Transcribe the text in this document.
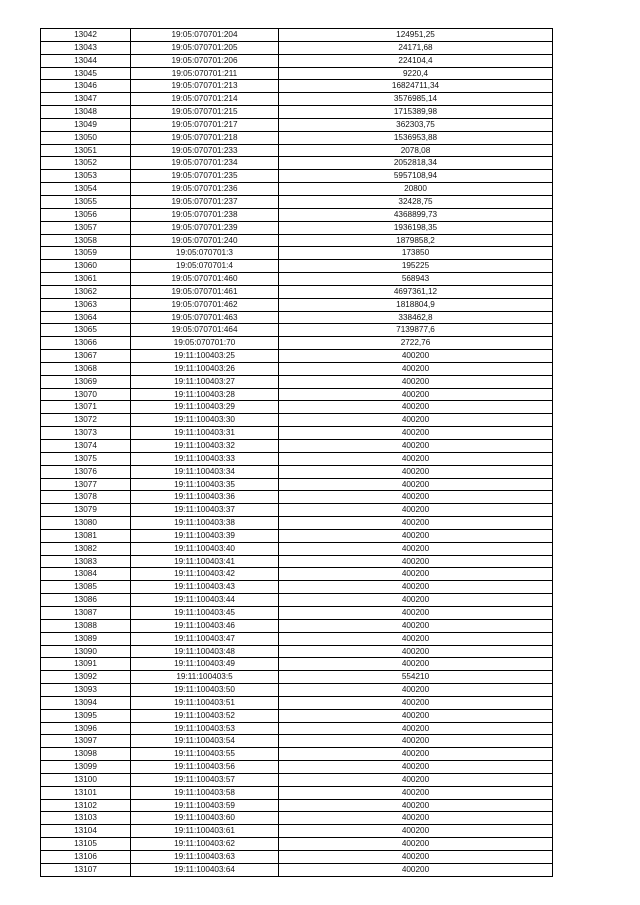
13042	19:05:070701:204	124951,25
13043	19:05:070701:205	24171,68
13044	19:05:070701:206	224104,4
13045	19:05:070701:211	9220,4
13046	19:05:070701:213	16824711,34
13047	19:05:070701:214	3576985,14
13048	19:05:070701:215	1715389,98
13049	19:05:070701:217	362303,75
13050	19:05:070701:218	1536953,88
13051	19:05:070701:233	2078,08
13052	19:05:070701:234	2052818,34
13053	19:05:070701:235	5957108,94
13054	19:05:070701:236	20800
13055	19:05:070701:237	32428,75
13056	19:05:070701:238	4368899,73
13057	19:05:070701:239	1936198,35
13058	19:05:070701:240	1879858,2
13059	19:05:070701:3	173850
13060	19:05:070701:4	195225
13061	19:05:070701:460	568943
13062	19:05:070701:461	4697361,12
13063	19:05:070701:462	1818804,9
13064	19:05:070701:463	338462,8
13065	19:05:070701:464	7139877,6
13066	19:05:070701:70	2722,76
13067	19:11:100403:25	400200
13068	19:11:100403:26	400200
13069	19:11:100403:27	400200
13070	19:11:100403:28	400200
13071	19:11:100403:29	400200
13072	19:11:100403:30	400200
13073	19:11:100403:31	400200
13074	19:11:100403:32	400200
13075	19:11:100403:33	400200
13076	19:11:100403:34	400200
13077	19:11:100403:35	400200
13078	19:11:100403:36	400200
13079	19:11:100403:37	400200
13080	19:11:100403:38	400200
13081	19:11:100403:39	400200
13082	19:11:100403:40	400200
13083	19:11:100403:41	400200
13084	19:11:100403:42	400200
13085	19:11:100403:43	400200
13086	19:11:100403:44	400200
13087	19:11:100403:45	400200
13088	19:11:100403:46	400200
13089	19:11:100403:47	400200
13090	19:11:100403:48	400200
13091	19:11:100403:49	400200
13092	19:11:100403:5	554210
13093	19:11:100403:50	400200
13094	19:11:100403:51	400200
13095	19:11:100403:52	400200
13096	19:11:100403:53	400200
13097	19:11:100403:54	400200
13098	19:11:100403:55	400200
13099	19:11:100403:56	400200
13100	19:11:100403:57	400200
13101	19:11:100403:58	400200
13102	19:11:100403:59	400200
13103	19:11:100403:60	400200
13104	19:11:100403:61	400200
13105	19:11:100403:62	400200
13106	19:11:100403:63	400200
13107	19:11:100403:64	400200
